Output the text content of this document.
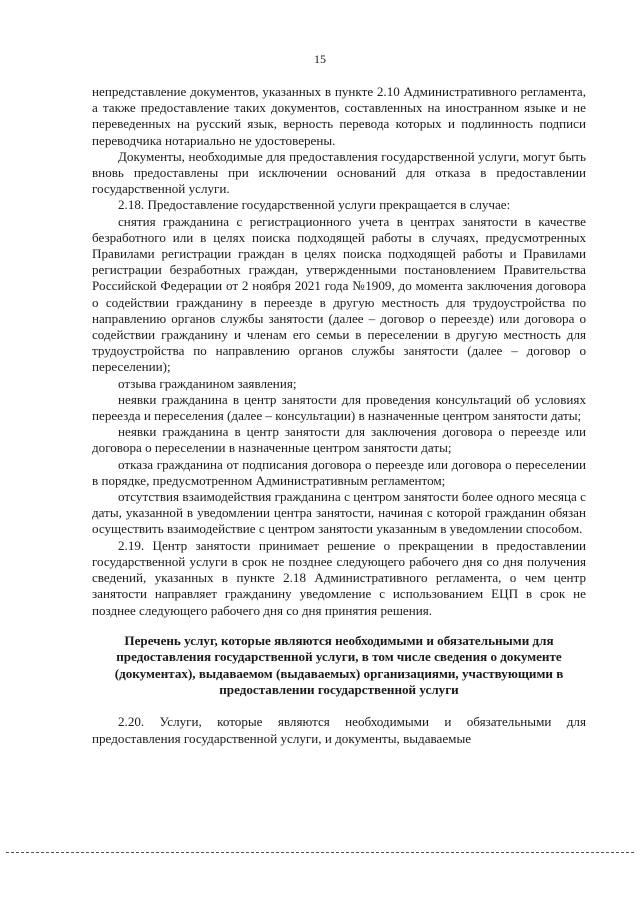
15

непредставление документов, указанных в пункте 2.10 Административного регламента, а также предоставление таких документов, составленных на иностранном языке и не переведенных на русский язык, верность перевода которых и подлинность подписи переводчика нотариально не удостоверены.

Документы, необходимые для предоставления государственной услуги, могут быть вновь предоставлены при исключении оснований для отказа в предоставлении государственной услуги.

2.18. Предоставление государственной услуги прекращается в случае:

снятия гражданина с регистрационного учета в центрах занятости в качестве безработного или в целях поиска подходящей работы в случаях, предусмотренных Правилами регистрации граждан в целях поиска подходящей работы и Правилами регистрации безработных граждан, утвержденными постановлением Правительства Российской Федерации от 2 ноября 2021 года №1909, до момента заключения договора о содействии гражданину в переезде в другую местность для трудоустройства по направлению органов службы занятости (далее – договор о переезде) или договора о содействии гражданину и членам его семьи в переселении в другую местность для трудоустройства по направлению органов службы занятости (далее – договор о переселении);

отзыва гражданином заявления;

неявки гражданина в центр занятости для проведения консультаций об условиях переезда и переселения (далее – консультации) в назначенные центром занятости даты;

неявки гражданина в центр занятости для заключения договора о переезде или договора о переселении в назначенные центром занятости даты;

отказа гражданина от подписания договора о переезде или договора о переселении в порядке, предусмотренном Административным регламентом;

отсутствия взаимодействия гражданина с центром занятости более одного месяца с даты, указанной в уведомлении центра занятости, начиная с которой гражданин обязан осуществить взаимодействие с центром занятости указанным в уведомлении способом.

2.19. Центр занятости принимает решение о прекращении в предоставлении государственной услуги в срок не позднее следующего рабочего дня со дня получения сведений, указанных в пункте 2.18 Административного регламента, о чем центр занятости направляет гражданину уведомление с использованием ЕЦП в срок не позднее следующего рабочего дня со дня принятия решения.

Перечень услуг, которые являются необходимыми и обязательными для предоставления государственной услуги, в том числе сведения о документе (документах), выдаваемом (выдаваемых) организациями, участвующими в предоставлении государственной услуги

2.20. Услуги, которые являются необходимыми и обязательными для предоставления государственной услуги, и документы, выдаваемые
